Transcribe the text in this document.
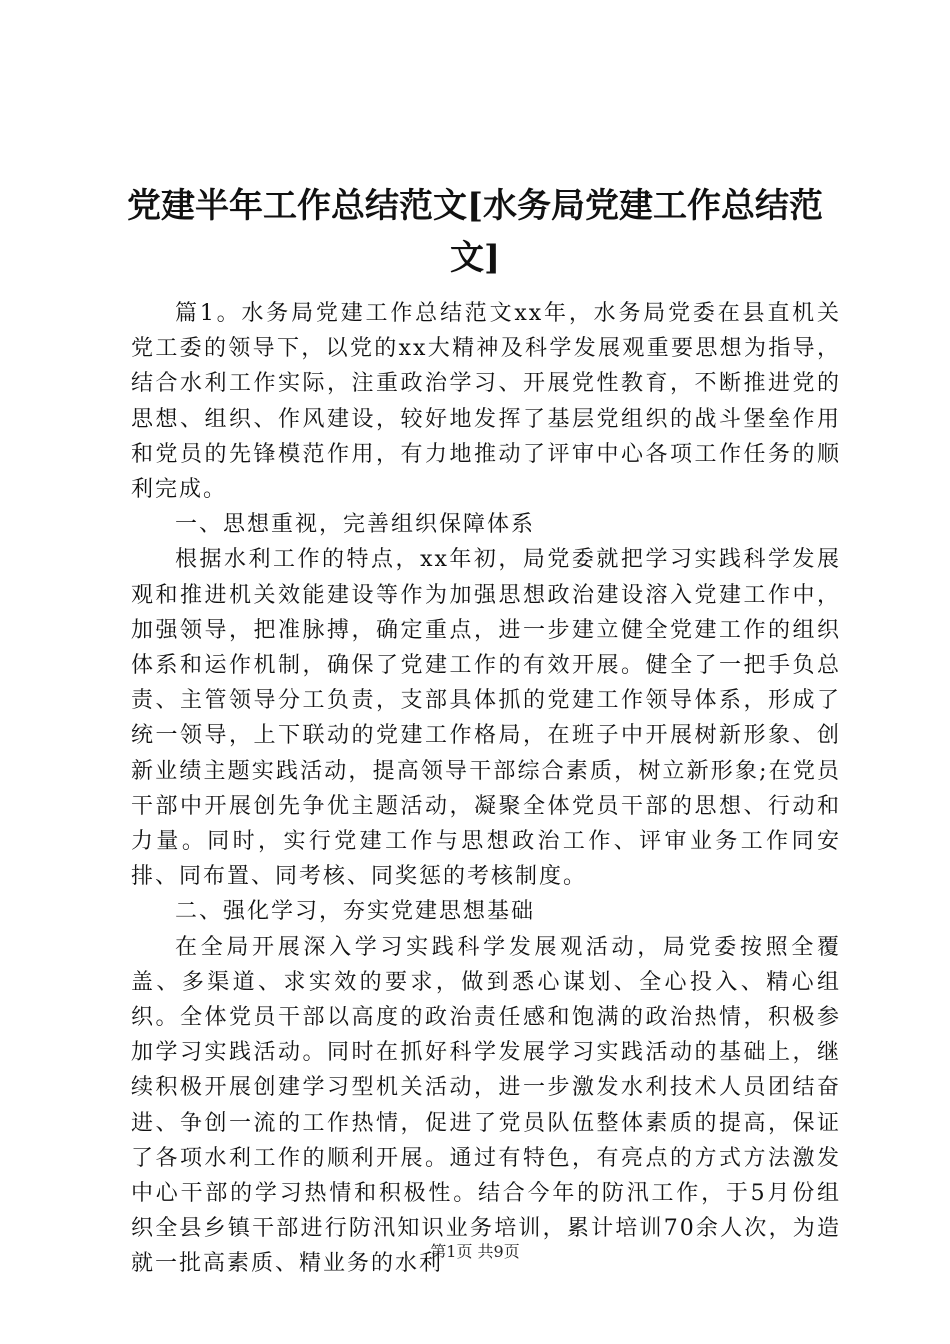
党建半年工作总结范文[水务局党建工作总结范文]

篇1。水务局党建工作总结范文xx年，水务局党委在县直机关党工委的领导下，以党的xx大精神及科学发展观重要思想为指导，结合水利工作实际，注重政治学习、开展党性教育，不断推进党的思想、组织、作风建设，较好地发挥了基层党组织的战斗堡垒作用和党员的先锋模范作用，有力地推动了评审中心各项工作任务的顺利完成。

一、思想重视，完善组织保障体系

根据水利工作的特点，xx年初，局党委就把学习实践科学发展观和推进机关效能建设等作为加强思想政治建设溶入党建工作中，加强领导，把准脉搏，确定重点，进一步建立健全党建工作的组织体系和运作机制，确保了党建工作的有效开展。健全了一把手负总责、主管领导分工负责，支部具体抓的党建工作领导体系，形成了统一领导，上下联动的党建工作格局，在班子中开展树新形象、创新业绩主题实践活动，提高领导干部综合素质，树立新形象;在党员干部中开展创先争优主题活动，凝聚全体党员干部的思想、行动和力量。同时，实行党建工作与思想政治工作、评审业务工作同安排、同布置、同考核、同奖惩的考核制度。

二、强化学习，夯实党建思想基础

在全局开展深入学习实践科学发展观活动，局党委按照全覆盖、多渠道、求实效的要求，做到悉心谋划、全心投入、精心组织。全体党员干部以高度的政治责任感和饱满的政治热情，积极参加学习实践活动。同时在抓好科学发展学习实践活动的基础上，继续积极开展创建学习型机关活动，进一步激发水利技术人员团结奋进、争创一流的工作热情，促进了党员队伍整体素质的提高，保证了各项水利工作的顺利开展。通过有特色，有亮点的方式方法激发中心干部的学习热情和积极性。结合今年的防汛工作，于5月份组织全县乡镇干部进行防汛知识业务培训，累计培训70余人次，为造就一批高素质、精业务的水利

第1页 共9页
